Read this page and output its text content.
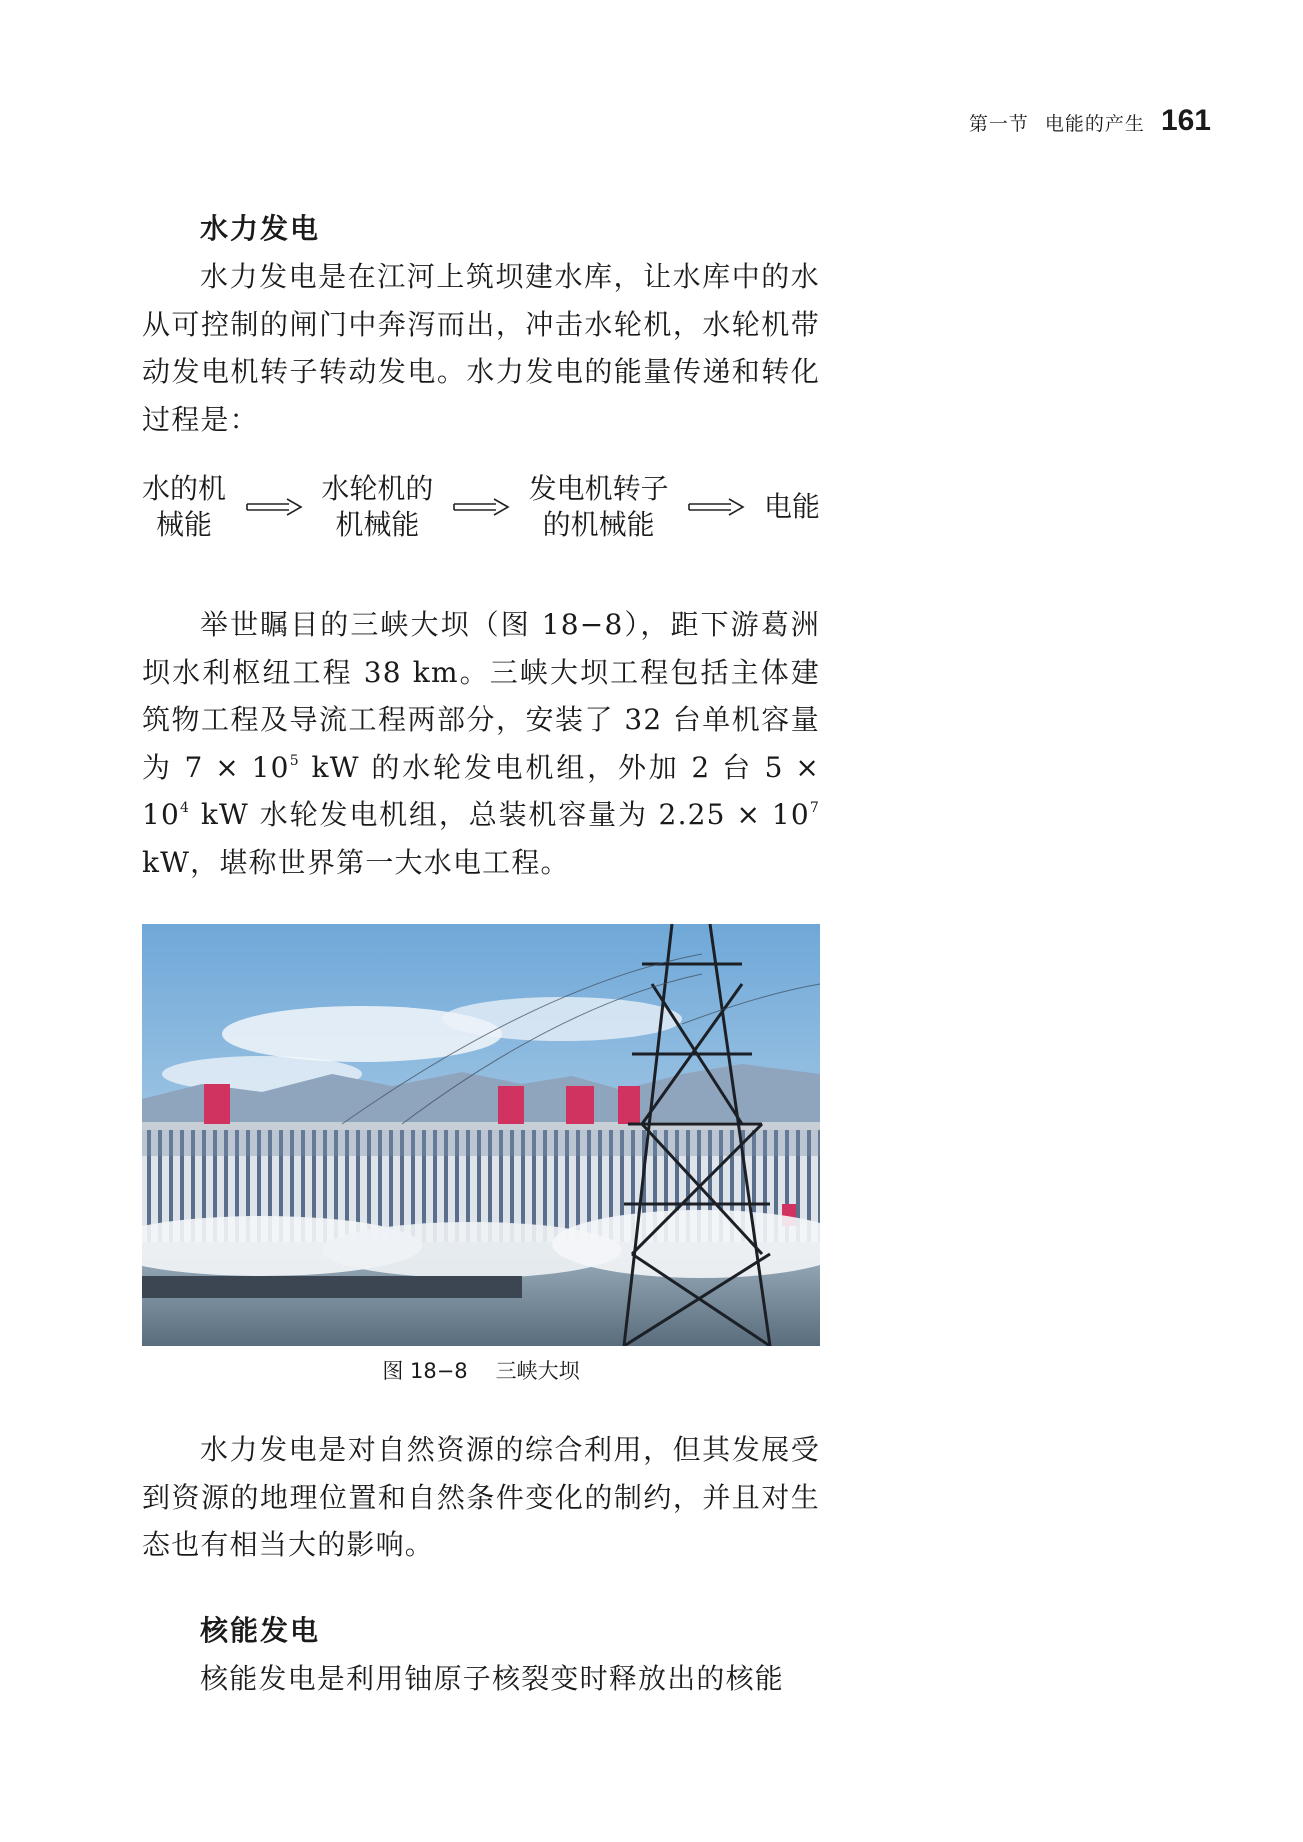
第一节 电能的产生 161
水力发电

水力发电是在江河上筑坝建水库，让水库中的水从可控制的闸门中奔泻而出，冲击水轮机，水轮机带动发电机转子转动发电。水力发电的能量传递和转化过程是：

水的机
械能
水轮机的
机械能
发电机转子
的机械能
电能

举世瞩目的三峡大坝（图 18−8），距下游葛洲坝水利枢纽工程 38 km。三峡大坝工程包括主体建筑物工程及导流工程两部分，安装了 32 台单机容量为 $7 \times 10^5$ kW 的水轮发电机组，外加 2 台 $5 \times 10^4$ kW 水轮发电机组，总装机容量为 $2.25 \times 10^7$ kW，堪称世界第一大水电工程。

图 18−8 三峡大坝

水力发电是对自然资源的综合利用，但其发展受到资源的地理位置和自然条件变化的制约，并且对生态也有相当大的影响。

核能发电

核能发电是利用铀原子核裂变时释放出的核能
